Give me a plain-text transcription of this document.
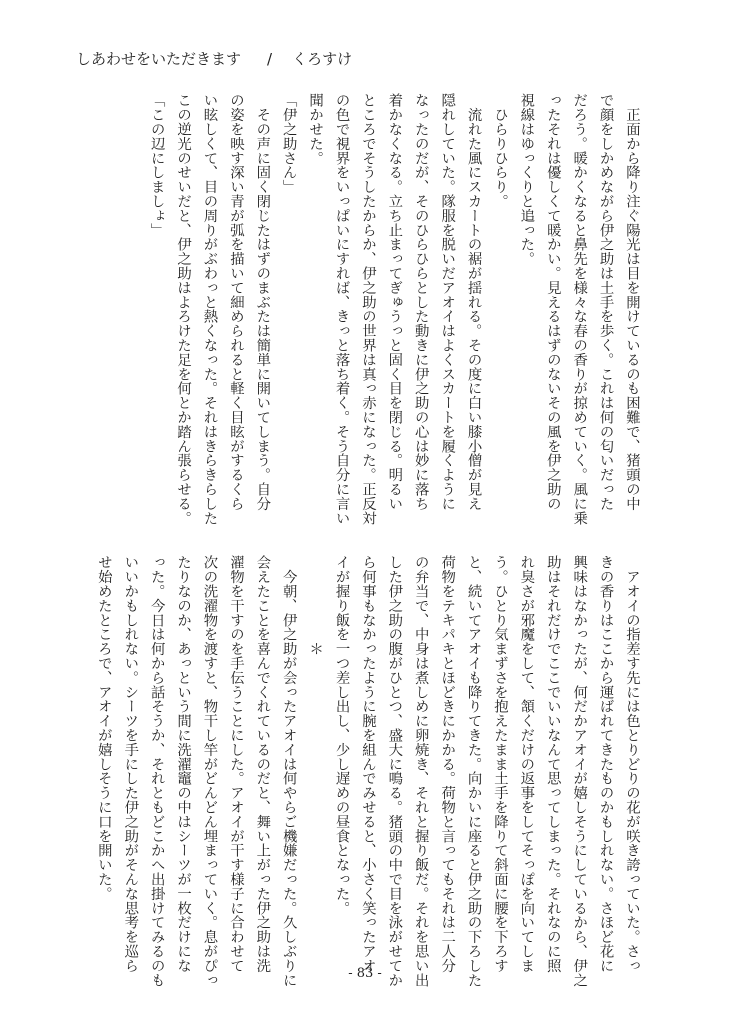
しあわせをいただきます / くろすけ
　正面から降り注ぐ陽光は目を開けているのも困難で、猪頭の中
で顔をしかめながら伊之助は土手を歩く。これは何の匂いだった
だろう。暖かくなると鼻先を様々な春の香りが掠めていく。風に乗
ったそれは優しくて暖かい。見えるはずのないその風を伊之助の
視線はゆっくりと追った。
　ひらりひらり。
　流れた風にスカートの裾が揺れる。その度に白い膝小僧が見え
隠れしていた。隊服を脱いだアオイはよくスカートを履くように
なったのだが、そのひらひらとした動きに伊之助の心は妙に落ち
着かなくなる。立ち止まってぎゅうっと固く目を閉じる。明るい
ところでそうしたからか、伊之助の世界は真っ赤になった。正反対
の色で視界をいっぱいにすれば、きっと落ち着く。そう自分に言い
聞かせた。
「伊之助さん」
　その声に固く閉じたはずのまぶたは簡単に開いてしまう。自分
の姿を映す深い青が弧を描いて細められると軽く目眩がするくら
い眩しくて、目の周りがぶわっと熱くなった。それはきらきらした
この逆光のせいだと、伊之助はよろけた足を何とか踏ん張らせる。
「この辺にしましょ」
　アオイの指差す先には色とりどりの花が咲き誇っていた。さっ
きの香りはここから運ばれてきたものかもしれない。さほど花に
興味はなかったが、何だかアオイが嬉しそうにしているから、伊之
助はそれだけでここでいいなんて思ってしまった。それなのに照
れ臭さが邪魔をして、頷くだけの返事をしてそっぽを向いてしま
う。ひとり気まずさを抱えたまま土手を降りて斜面に腰を下ろす
と、続いてアオイも降りてきた。向かいに座ると伊之助の下ろした
荷物をテキパキとほどきにかかる。荷物と言ってもそれは二人分
の弁当で、中身は煮しめに卵焼き、それと握り飯だ。それを思い出
した伊之助の腹がひとつ、盛大に鳴る。猪頭の中で目を泳がせてか
ら何事もなかったように腕を組んでみせると、小さく笑ったアオ
イが握り飯を一つ差し出し、少し遅めの昼食となった。
　　　　　　＊
　今朝、伊之助が会ったアオイは何やらご機嫌だった。久しぶりに
会えたことを喜んでくれているのだと、舞い上がった伊之助は洗
濯物を干すのを手伝うことにした。アオイが干す様子に合わせて
次の洗濯物を渡すと、物干し竿がどんどん埋まっていく。息がぴっ
たりなのか、あっという間に洗濯竈の中はシーツが一枚だけにな
った。今日は何から話そうか、それともどこかへ出掛けてみるのも
いいかもしれない。シーツを手にした伊之助がそんな思考を巡ら
せ始めたところで、アオイが嬉しそうに口を開いた。
- 83 -
